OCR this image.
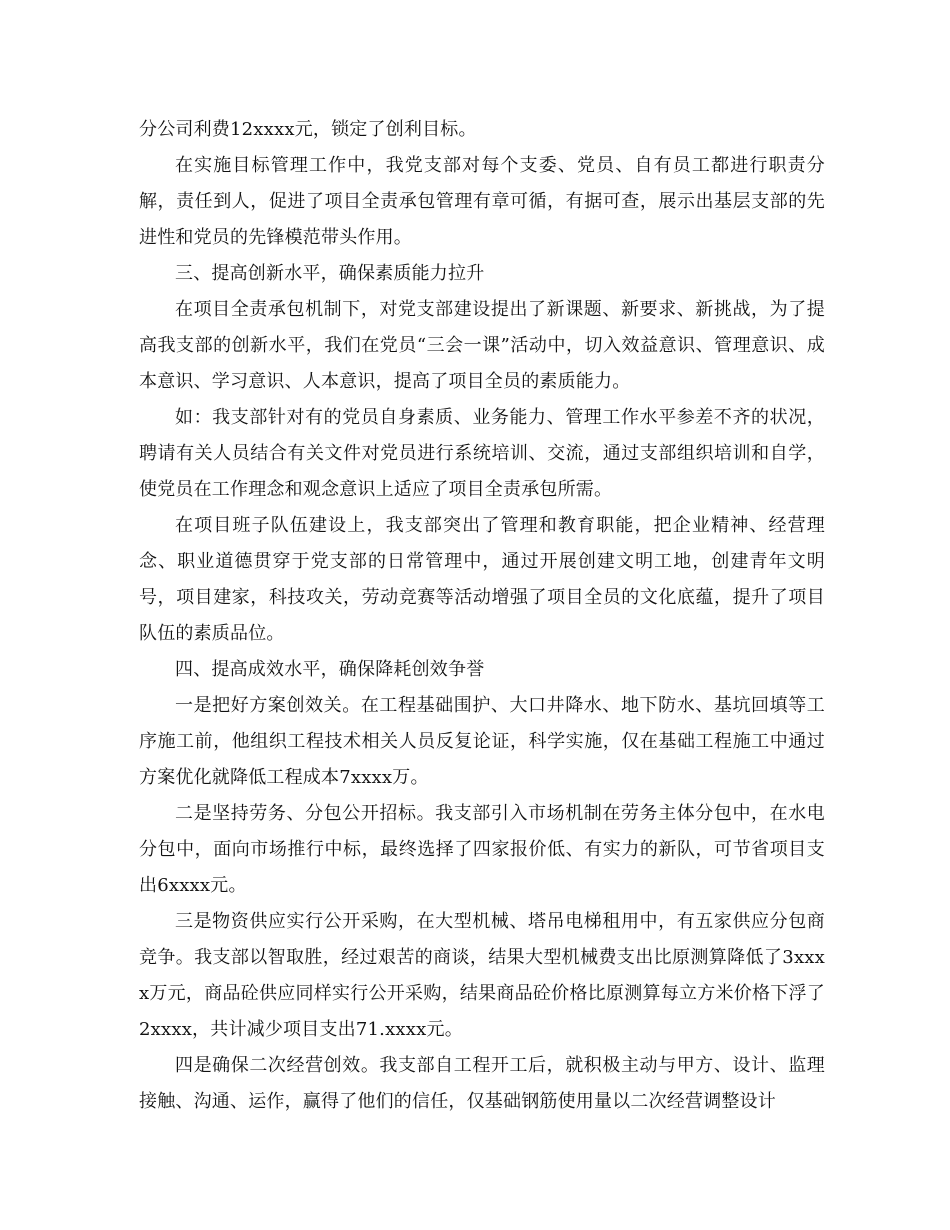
分公司利费12xxxx元，锁定了创利目标。

在实施目标管理工作中，我党支部对每个支委、党员、自有员工都进行职责分解，责任到人，促进了项目全责承包管理有章可循，有据可查，展示出基层支部的先进性和党员的先锋模范带头作用。

三、提高创新水平，确保素质能力拉升

在项目全责承包机制下，对党支部建设提出了新课题、新要求、新挑战，为了提高我支部的创新水平，我们在党员“三会一课”活动中，切入效益意识、管理意识、成本意识、学习意识、人本意识，提高了项目全员的素质能力。

如：我支部针对有的党员自身素质、业务能力、管理工作水平参差不齐的状况，聘请有关人员结合有关文件对党员进行系统培训、交流，通过支部组织培训和自学，使党员在工作理念和观念意识上适应了项目全责承包所需。

在项目班子队伍建设上，我支部突出了管理和教育职能，把企业精神、经营理念、职业道德贯穿于党支部的日常管理中，通过开展创建文明工地，创建青年文明号，项目建家，科技攻关，劳动竞赛等活动增强了项目全员的文化底蕴，提升了项目队伍的素质品位。

四、提高成效水平，确保降耗创效争誉

一是把好方案创效关。在工程基础围护、大口井降水、地下防水、基坑回填等工序施工前，他组织工程技术相关人员反复论证，科学实施，仅在基础工程施工中通过方案优化就降低工程成本7xxxx万。

二是坚持劳务、分包公开招标。我支部引入市场机制在劳务主体分包中，在水电分包中，面向市场推行中标，最终选择了四家报价低、有实力的新队，可节省项目支出6xxxx元。

三是物资供应实行公开采购，在大型机械、塔吊电梯租用中，有五家供应分包商竞争。我支部以智取胜，经过艰苦的商谈，结果大型机械费支出比原测算降低了3xxxx万元，商品砼供应同样实行公开采购，结果商品砼价格比原测算每立方米价格下浮了2xxxx，共计减少项目支出71.xxxx元。

四是确保二次经营创效。我支部自工程开工后，就积极主动与甲方、设计、监理接触、沟通、运作，赢得了他们的信任，仅基础钢筋使用量以二次经营调整设计
